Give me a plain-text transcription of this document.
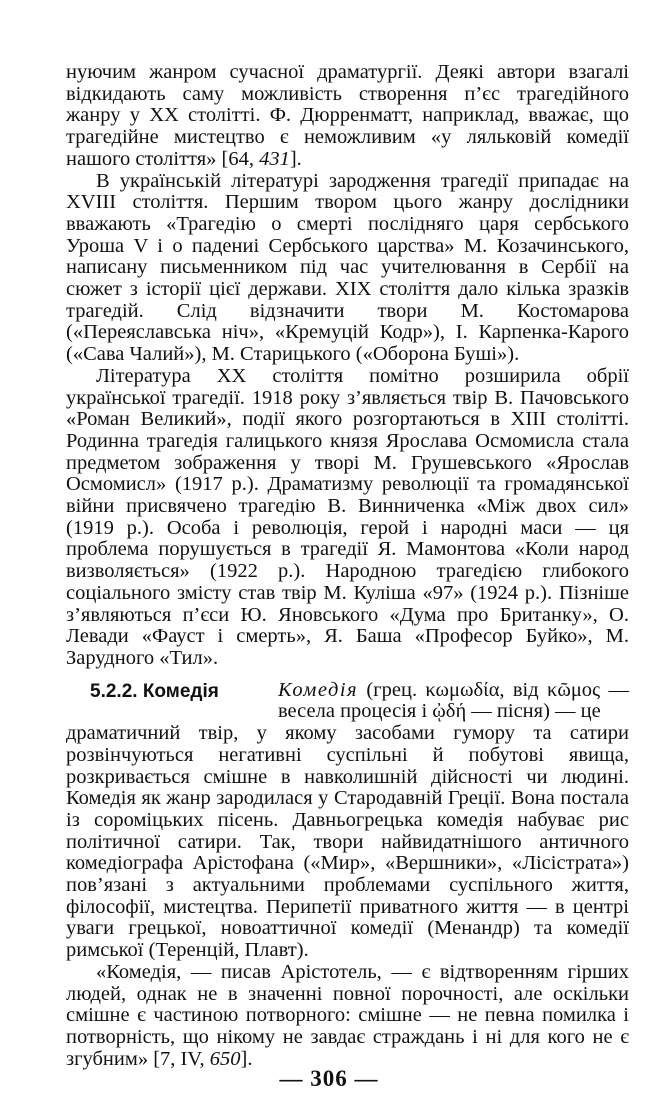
нуючим жанром сучасної драматургії. Деякі автори взагалі відкидають саму можливість створення п’єс трагедійного жанру у XX столітті. Ф. Дюрренматт, наприклад, вважає, що трагедійне мистецтво є неможливим «у ляльковій комедії нашого століття» [64, 431].

В українській літературі зародження трагедії припадає на XVIII століття. Першим твором цього жанру дослідники вважають «Трагедію о смерті послідняго царя сербського Уроша V і о падениі Сербського царства» М. Козачинського, написану письменником під час учителювання в Сербії на сюжет з історії цієї держави. XIX століття дало кілька зразків трагедій. Слід відзначити твори М. Костомарова («Переяславська ніч», «Кремуцій Кодр»), І. Карпенка-Карого («Сава Чалий»), М. Старицького («Оборона Буші»).

Література XX століття помітно розширила обрії української трагедії. 1918 року з’являється твір В. Пачовського «Роман Великий», події якого розгортаються в XIII столітті. Родинна трагедія галицького князя Ярослава Осмомисла стала предметом зображення у творі М. Грушевського «Ярослав Осмомисл» (1917 р.). Драматизму революції та громадянської війни присвячено трагедію В. Винниченка «Між двох сил» (1919 р.). Особа і революція, герой і народні маси — ця проблема порушується в трагедії Я. Мамонтова «Коли народ визволяється» (1922 р.). Народною трагедією глибокого соціального змісту став твір М. Куліша «97» (1924 р.). Пізніше з’являються п’єси Ю. Яновського «Дума про Британку», О. Левади «Фауст і смерть», Я. Баша «Професор Буйко», М. Зарудного «Тил».

5.2.2. Комедія	Комедія (грец. κωμωδία, від κῶμος — весела процесія і ᾠδή — пісня) — це

драматичний твір, у якому засобами гумору та сатири розвінчуються негативні суспільні й побутові явища, розкривається смішне в навколишній дійсності чи людині. Комедія як жанр зародилася у Стародавній Греції. Вона постала із сороміцьких пісень. Давньогрецька комедія набуває рис політичної сатири. Так, твори найвидатнішого античного комедіографа Арістофана («Мир», «Вершники», «Лісістрата») пов’язані з актуальними проблемами суспільного життя, філософії, мистецтва. Перипетії приватного життя — в центрі уваги грецької, новоаттичної комедії (Менандр) та комедії римської (Теренцій, Плавт).

«Комедія, — писав Арістотель, — є відтворенням гірших людей, однак не в значенні повної порочності, але оскільки смішне є частиною потворного: смішне — не певна помилка і потворність, що нікому не завдає страждань і ні для кого не є згубним» [7, IV, 650].

— 306 —
